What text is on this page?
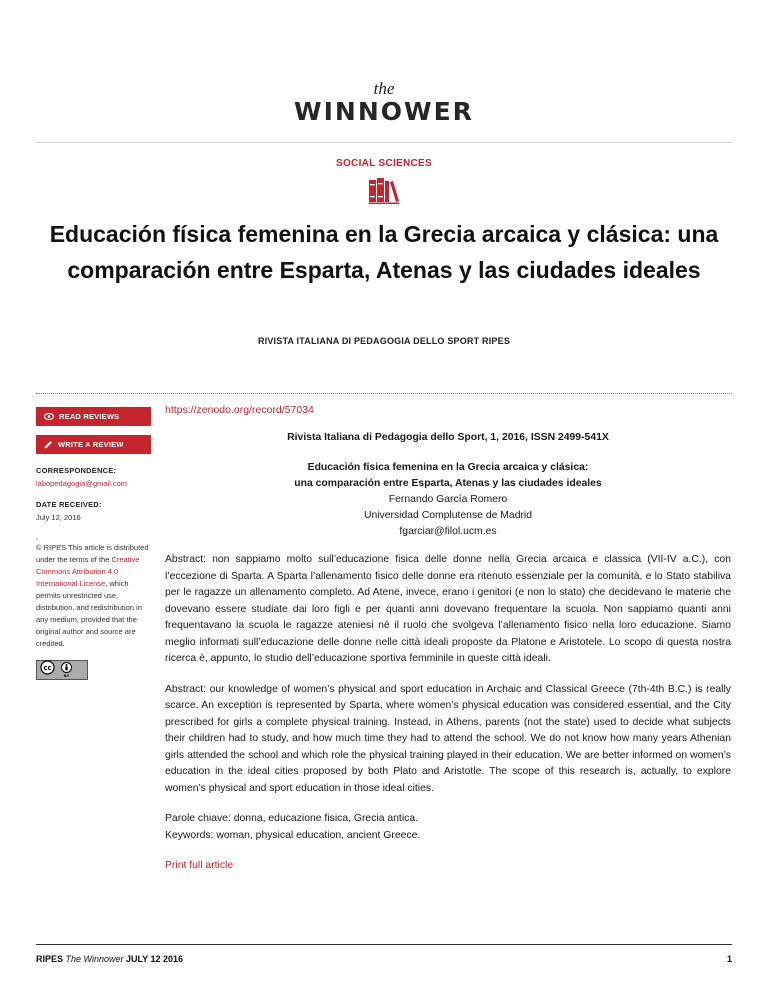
the
WINNOWER
SOCIAL SCIENCES
Educación física femenina en la Grecia arcaica y clásica: una comparación entre Esparta, Atenas y las ciudades ideales
RIVISTA ITALIANA DI PEDAGOGIA DELLO SPORT RIPES
READ REVIEWS
WRITE A REVIEW
CORRESPONDENCE:
labopedagogia@gmail.com
DATE RECEIVED:
July 12, 2016
,
© RIPES This article is distributed under the terms of the Creative Commons Attribution 4.0 International License, which permits unrestricted use, distribution, and redistribution in any medium, provided that the original author and source are credited.
cc
BY
https://zenodo.org/record/57034
Rivista Italiana di Pedagogia dello Sport, 1, 2016, ISSN 2499-541X
Educación física femenina en la Grecia arcaica y clásica:
una comparación entre Esparta, Atenas y las ciudades ideales
Fernando García Romero
Universidad Complutense de Madrid
fgarciar@filol.ucm.es

Abstract: non sappiamo molto sull’educazione fisica delle donne nella Grecia arcaica e classica (VII-IV a.C.), con l’eccezione di Sparta. A Sparta l’allenamento fisico delle donne era ritenuto essenziale per la comunità, e lo Stato stabiliva per le ragazze un allenamento completo. Ad Atene, invece, erano i genitori (e non lo stato) che decidevano le materie che dovevano essere studiate dai loro figli e per quanti anni dovevano frequentare la scuola. Non sappiamo quanti anni frequentavano la scuola le ragazze ateniesi né il ruolo che svolgeva l’allenamento fisico nella loro educazione. Siamo meglio informati sull’educazione delle donne nelle città ideali proposte da Platone e Aristotele. Lo scopo di questa nostra ricerca è, appunto, lo studio dell’educazione sportiva femminile in queste città ideali.

Abstract: our knowledge of women’s physical and sport education in Archaic and Classical Greece (7th-4th B.C.) is really scarce. An exception is represented by Sparta, where women’s physical education was considered essential, and the City prescribed for girls a complete physical training. Instead, in Athens, parents (not the state) used to decide what subjects their children had to study, and how much time they had to attend the school. We do not know how many years Athenian girls attended the school and which role the physical training played in their education. We are better informed on women’s education in the ideal cities proposed by both Plato and Aristotle. The scope of this research is, actually, to explore women’s physical and sport education in those ideal cities.

Parole chiave: donna, educazione fisica, Grecia antica.
Keywords: woman, physical education, ancient Greece.
Print full article
RIPES The Winnower JULY 12 2016	1
